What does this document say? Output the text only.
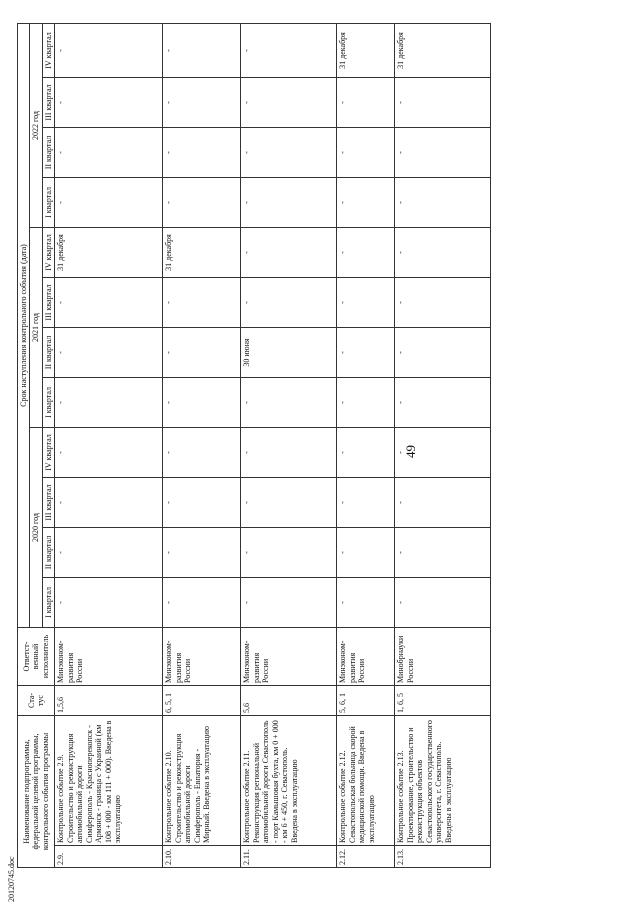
49
20120745.doc
Наименование подпрограммы, федеральной целевой программы, контрольного события программы		Ста-тус	Ответст-венный исполнитель	Срок наступления контрольного события (дата)											
				2020 год				2021 год				2022 год			
				I квартал	II квартал	III квартал	IV квартал	I квартал	II квартал	III квартал	IV квартал	I квартал	II квартал	III квартал	IV квартал
2.9.	Контрольное событие 2.9. Строительство и реконструкция автомобильной дороги Симферополь - Красноперекопск - Армянск - граница с Украиной (км 108 + 000 - км 111 + 000). Введена в эксплуатацию	1,5,6	Минэконом-развития России	-	-	-	-	-	-	-	31 декабря	-	-	-	-
2.10.	Контрольное событие 2.10. Строительство и реконструкция автомобильной дороги Симферополь - Евпатория - Мирный. Введена в эксплуатацию	6, 5, 1	Минэконом-развития России	-	-	-	-	-	-	-	31 декабря	-	-	-	-
2.11.	Контрольное событие 2.11. Реконструкция региональной автомобильной дороги Севастополь - порт Камышовая бухта, км 0 + 000 - км 6 + 450, г. Севастополь. Введена в эксплуатацию	5,6	Минэконом-развития России	-	-	-	-	-	30 июня	-	-	-	-	-	-
2.12.	Контрольное событие 2.12. Севастопольская больница скорой медицинской помощи. Введена в эксплуатацию	5, 6, 1	Минэконом-развития России	-	-	-	-	-	-	-	-	-	-	-	31 декабря
2.13.	Контрольное событие 2.13. Проектирование, строительство и реконструкция объектов Севастопольского государственного университета, г. Севастополь. Введены в эксплуатацию	1, 6, 5	Минобрнауки России	-	-	-	-	-	-	-	-	-	-	-	31 декабря
